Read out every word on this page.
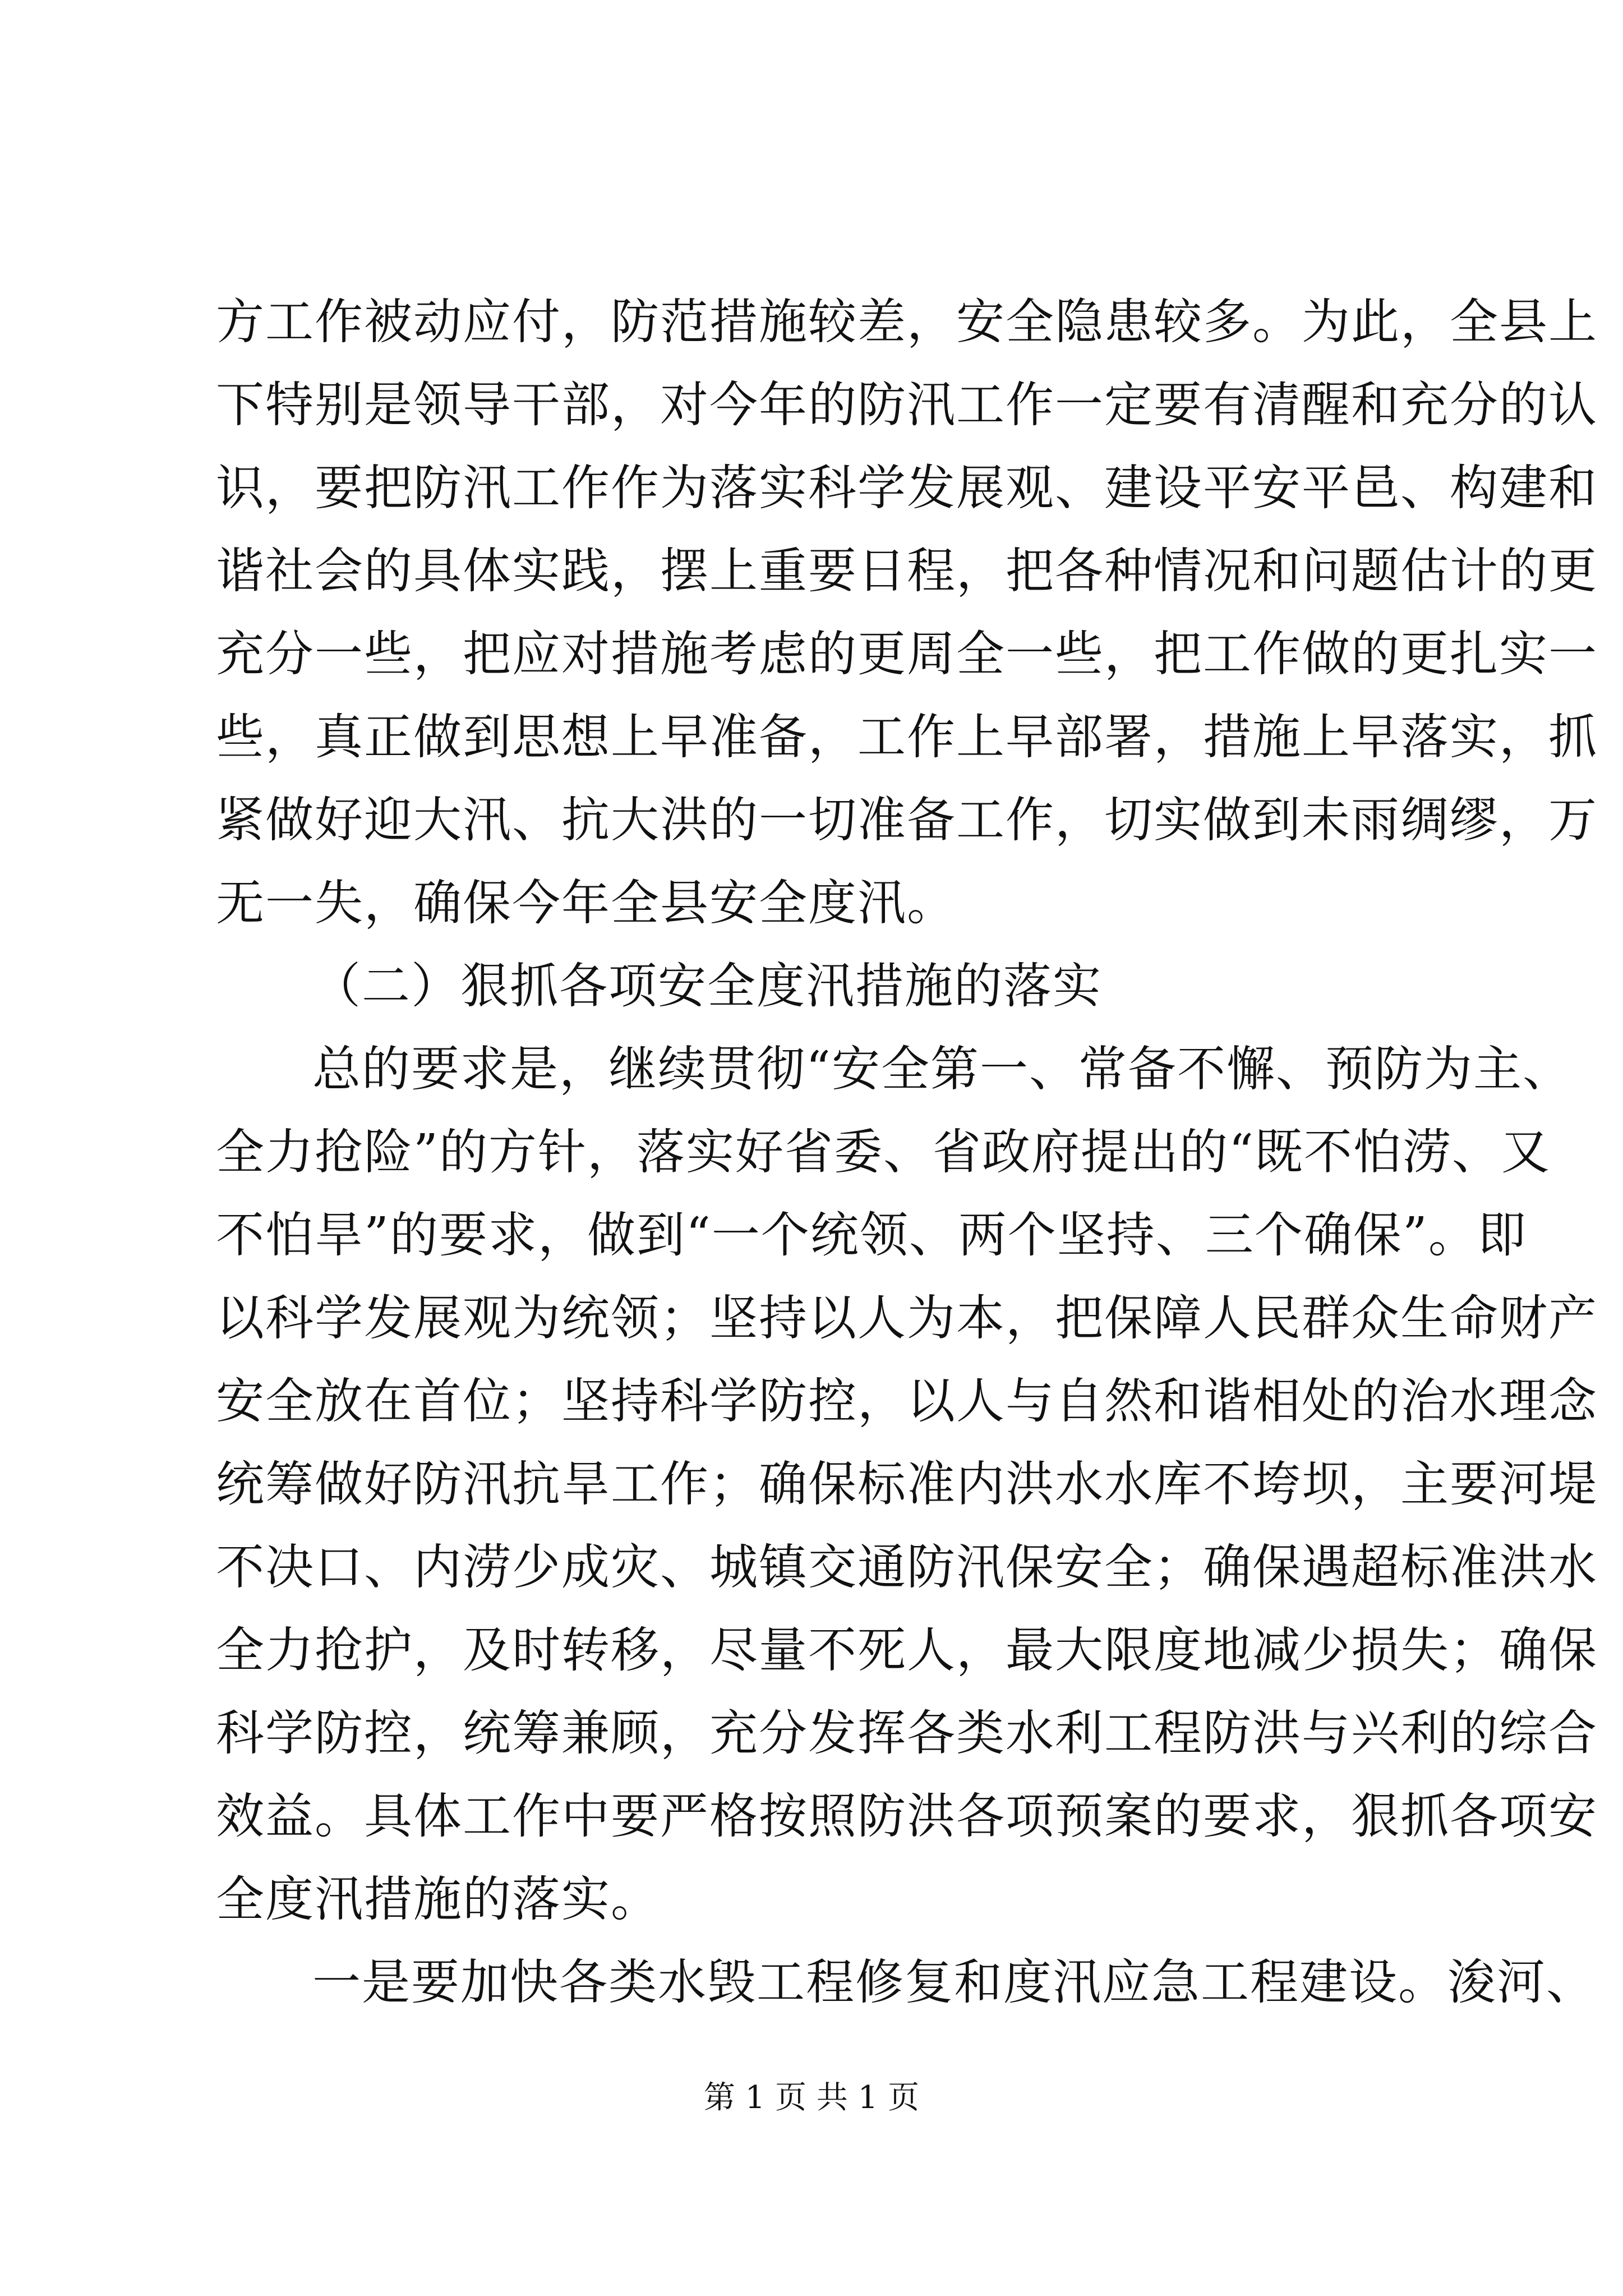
方工作被动应付，防范措施较差，安全隐患较多。为此，全县上
下特别是领导干部，对今年的防汛工作一定要有清醒和充分的认
识，要把防汛工作作为落实科学发展观、建设平安平邑、构建和
谐社会的具体实践，摆上重要日程，把各种情况和问题估计的更
充分一些，把应对措施考虑的更周全一些，把工作做的更扎实一
些，真正做到思想上早准备，工作上早部署，措施上早落实，抓
紧做好迎大汛、抗大洪的一切准备工作，切实做到未雨绸缪，万
无一失，确保今年全县安全度汛。
（二）狠抓各项安全度汛措施的落实
总的要求是，继续贯彻“安全第一、常备不懈、预防为主、
全力抢险”的方针，落实好省委、省政府提出的“既不怕涝、又
不怕旱”的要求，做到“一个统领、两个坚持、三个确保”。即
以科学发展观为统领；坚持以人为本，把保障人民群众生命财产
安全放在首位；坚持科学防控，以人与自然和谐相处的治水理念
统筹做好防汛抗旱工作；确保标准内洪水水库不垮坝，主要河堤
不决口、内涝少成灾、城镇交通防汛保安全；确保遇超标准洪水
全力抢护，及时转移，尽量不死人，最大限度地减少损失；确保
科学防控，统筹兼顾，充分发挥各类水利工程防洪与兴利的综合
效益。具体工作中要严格按照防洪各项预案的要求，狠抓各项安
全度汛措施的落实。
一是要加快各类水毁工程修复和度汛应急工程建设。浚河、
第 1 页 共 1 页
